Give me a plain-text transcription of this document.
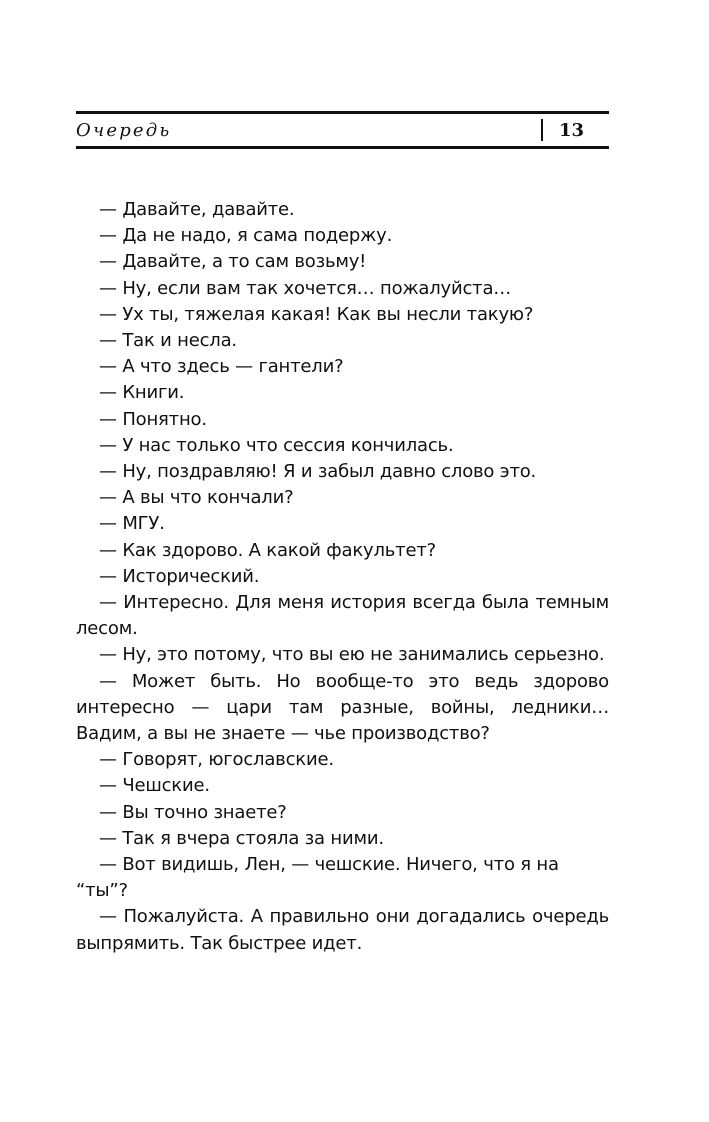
Очередь	13

— Давайте, давайте.

— Да не надо, я сама подержу.

— Давайте, а то сам возьму!

— Ну, если вам так хочется… пожалуйста…

— Ух ты, тяжелая какая! Как вы несли такую?

— Так и несла.

— А что здесь — гантели?

— Книги.

— Понятно.

— У нас только что сессия кончилась.

— Ну, поздравляю! Я и забыл давно слово это.

— А вы что кончали?

— МГУ.

— Как здорово. А какой факультет?

— Исторический.

— Интересно. Для меня история всегда была темным лесом.

— Ну, это потому, что вы ею не занимались серьезно.

— Может быть. Но вообще-то это ведь здорово интересно — цари там разные, войны, ледники… Вадим, а вы не знаете — чье производство?

— Говорят, югославские.

— Чешские.

— Вы точно знаете?

— Так я вчера стояла за ними.

— Вот видишь, Лен, — чешские. Ничего, что я на “ты”?

— Пожалуйста. А правильно они догадались очередь выпрямить. Так быстрее идет.
